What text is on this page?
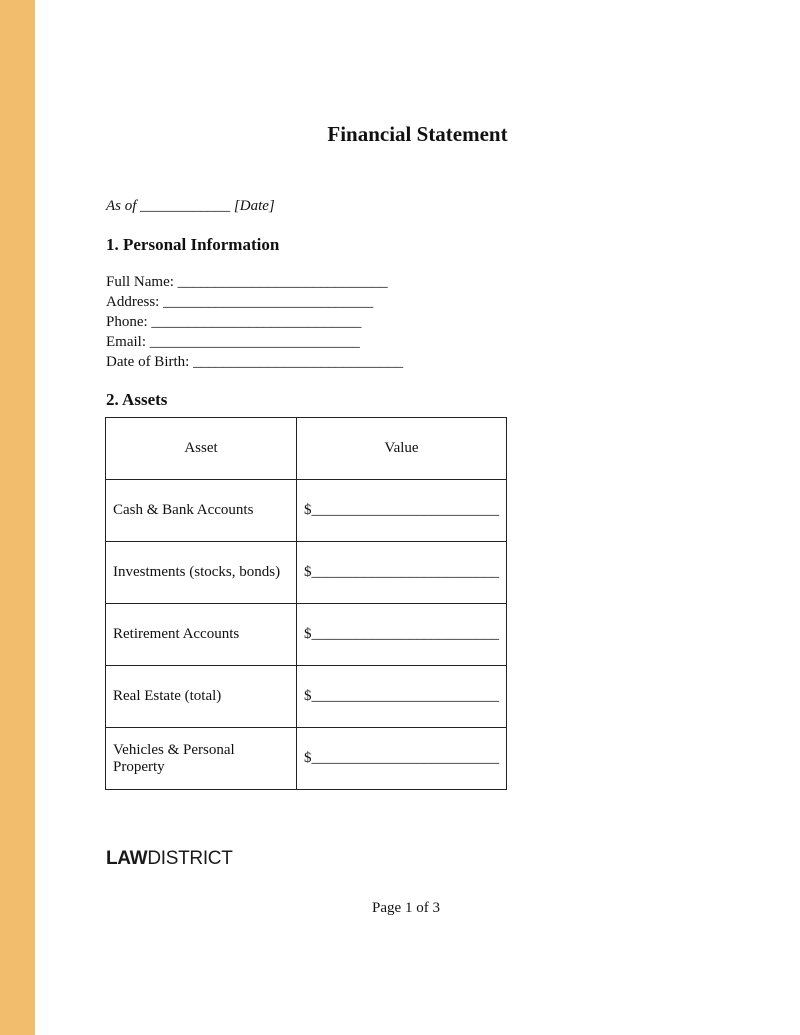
Financial Statement
As of ____________ [Date]
1. Personal Information
Full Name: ____________________________
Address: ____________________________
Phone: ____________________________
Email: ____________________________
Date of Birth: ____________________________
2. Assets
Asset	Value
Cash & Bank Accounts	$_________________________
Investments (stocks, bonds)	$_________________________
Retirement Accounts	$_________________________
Real Estate (total)	$_________________________
Vehicles & Personal Property	$_________________________
LAWDISTRICT
Page 1 of 3
